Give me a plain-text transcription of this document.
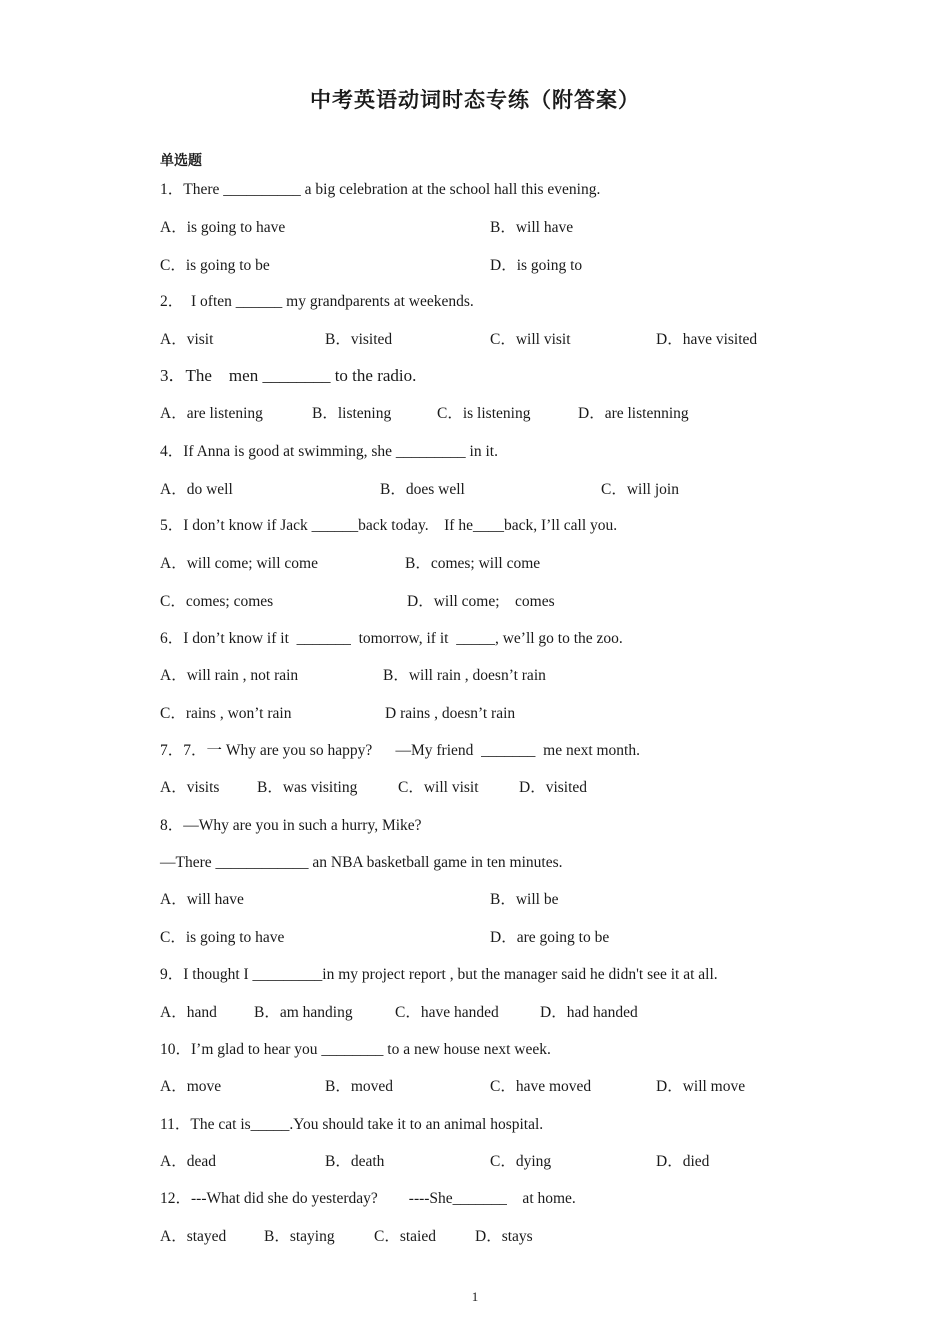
中考英语动词时态专练（附答案）
单选题
1．There __________ a big celebration at the school hall this evening.
A．is going to have	B．will have
C．is going to be	D．is going to
2．  I often ______ my grandparents at weekends.
A．visit	B．visited	C．will visit	D．have visited
3．The    men ________ to the radio.
A．are listening	B．listening	C．is listening	D．are listenning
4．If Anna is good at swimming, she _________ in it.
A．do well	B．does well	C．will join
5．I don’t know if Jack ______back today.    If he____back, I’ll call you.
A．will come; will come	B．comes; will come
C．comes; comes	D．will come;    comes
6．I don’t know if it  _______  tomorrow, if it  _____, we’ll go to the zoo.
A．will rain , not rain	B．will rain , doesn’t rain
C．rains , won’t rain	D rains , doesn’t rain
7．7．一 Why are you so happy?      —My friend  _______  me next month.
A．visits B．was visiting	C．will visit	D．visited
8．—Why are you in such a hurry, Mike?
—There ____________ an NBA basketball game in ten minutes.
A．will have	B．will be
C．is going to have	D．are going to be
9．I thought I _________in my project report , but the manager said he didn't see it at all.
A．hand B．am handing	C．have handed	D．had handed
10．I’m glad to hear you ________ to a new house next week.
A．move	B．moved	C．have moved	D．will move
11．The cat is_____.You should take it to an animal hospital.
A．dead	B．death	C．dying	D．died
12．---What did she do yesterday?        ----She_______    at home.
A．stayed B．staying	C．staied	D．stays
1
